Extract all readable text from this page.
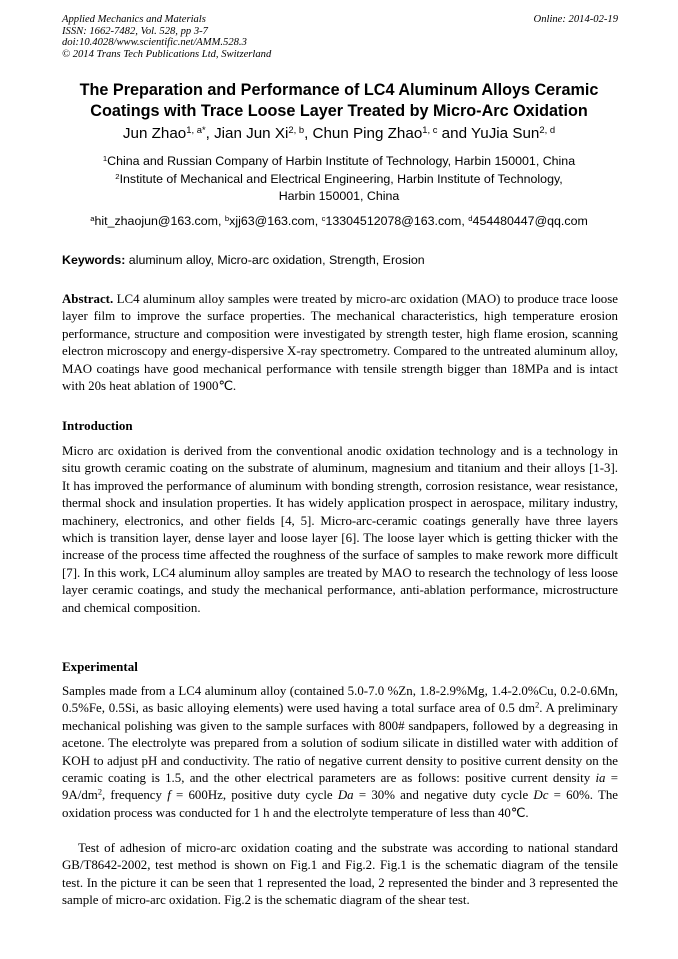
Applied Mechanics and Materials
ISSN: 1662-7482, Vol. 528, pp 3-7
doi:10.4028/www.scientific.net/AMM.528.3
© 2014 Trans Tech Publications Ltd, Switzerland
Online: 2014-02-19
The Preparation and Performance of LC4 Aluminum Alloys Ceramic
Coatings with Trace Loose Layer Treated by Micro-Arc Oxidation
Jun Zhao$^{1, a*}$, Jian Jun Xi$^{2, b}$, Chun Ping Zhao$^{1, c}$ and YuJia Sun$^{2, d}$
$^1$China and Russian Company of Harbin Institute of Technology, Harbin 150001, China
$^2$Institute of Mechanical and Electrical Engineering, Harbin Institute of Technology,
Harbin 150001, China
$^a$hit_zhaojun@163.com, $^b$xjj63@163.com, $^c$13304512078@163.com, $^d$454480447@qq.com
Keywords: aluminum alloy, Micro-arc oxidation, Strength, Erosion

Abstract. LC4 aluminum alloy samples were treated by micro-arc oxidation (MAO) to produce trace loose layer film to improve the surface properties. The mechanical characteristics, high temperature erosion performance, structure and composition were investigated by strength tester, high flame erosion, scanning electron microscopy and energy-dispersive X-ray spectrometry. Compared to the untreated aluminum alloy, MAO coatings have good mechanical performance with tensile strength bigger than 18MPa and is intact with 20s heat ablation of 1900℃.

Introduction

Micro arc oxidation is derived from the conventional anodic oxidation technology and is a technology in situ growth ceramic coating on the substrate of aluminum, magnesium and titanium and their alloys [1-3]. It has improved the performance of aluminum with bonding strength, corrosion resistance, wear resistance, thermal shock and insulation properties. It has widely application prospect in aerospace, military industry, machinery, electronics, and other fields [4, 5]. Micro-arc-ceramic coatings generally have three layers which is transition layer, dense layer and loose layer [6]. The loose layer which is getting thicker with the increase of the process time affected the roughness of the surface of samples to make rework more difficult [7]. In this work, LC4 aluminum alloy samples are treated by MAO to research the technology of less loose layer ceramic coatings, and study the mechanical performance, anti-ablation performance, microstructure and chemical composition.

Experimental

Samples made from a LC4 aluminum alloy (contained 5.0-7.0 %Zn, 1.8-2.9%Mg, 1.4-2.0%Cu, 0.2-0.6Mn, 0.5%Fe, 0.5Si, as basic alloying elements) were used having a total surface area of 0.5 $dm^2$. A preliminary mechanical polishing was given to the sample surfaces with 800# sandpapers, followed by a degreasing in acetone. The electrolyte was prepared from a solution of sodium silicate in distilled water with addition of KOH to adjust pH and conductivity. The ratio of negative current density to positive current density on the ceramic coating is 1.5, and the other electrical parameters are as follows: positive current density ia = $9A/dm^2$, frequency f = 600Hz, positive duty cycle Da = 30% and negative duty cycle Dc = 60%. The oxidation process was conducted for 1 h and the electrolyte temperature of less than 40℃.

Test of adhesion of micro-arc oxidation coating and the substrate was according to national standard GB/T8642-2002, test method is shown on Fig.1 and Fig.2. Fig.1 is the schematic diagram of the tensile test. In the picture it can be seen that 1 represented the load, 2 represented the binder and 3 represented the sample of micro-arc oxidation. Fig.2 is the schematic diagram of the shear test.
